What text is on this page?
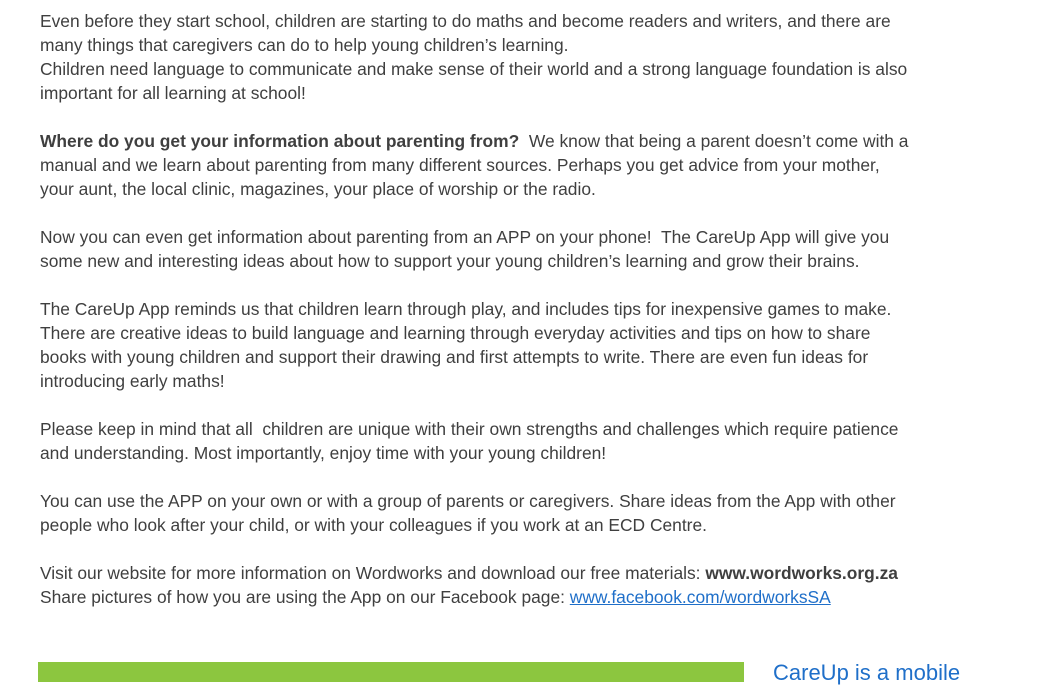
Even before they start school, children are starting to do maths and become readers and writers, and there are
many things that caregivers can do to help young children’s learning.

Children need language to communicate and make sense of their world and a strong language foundation is also
important for all learning at school!

Where do you get your information about parenting from?  We know that being a parent doesn’t come with a
manual and we learn about parenting from many different sources. Perhaps you get advice from your mother,
your aunt, the local clinic, magazines, your place of worship or the radio.

Now you can even get information about parenting from an APP on your phone!  The CareUp App will give you
some new and interesting ideas about how to support your young children’s learning and grow their brains.

The CareUp App reminds us that children learn through play, and includes tips for inexpensive games to make.
There are creative ideas to build language and learning through everyday activities and tips on how to share
books with young children and support their drawing and first attempts to write. There are even fun ideas for
introducing early maths!

Please keep in mind that all  children are unique with their own strengths and challenges which require patience
and understanding. Most importantly, enjoy time with your young children!

You can use the APP on your own or with a group of parents or caregivers. Share ideas from the App with other
people who look after your child, or with your colleagues if you work at an ECD Centre.

Visit our website for more information on Wordworks and download our free materials: www.wordworks.org.za
Share pictures of how you are using the App on our Facebook page: www.facebook.com/wordworksSA

CareUp is a mobile
